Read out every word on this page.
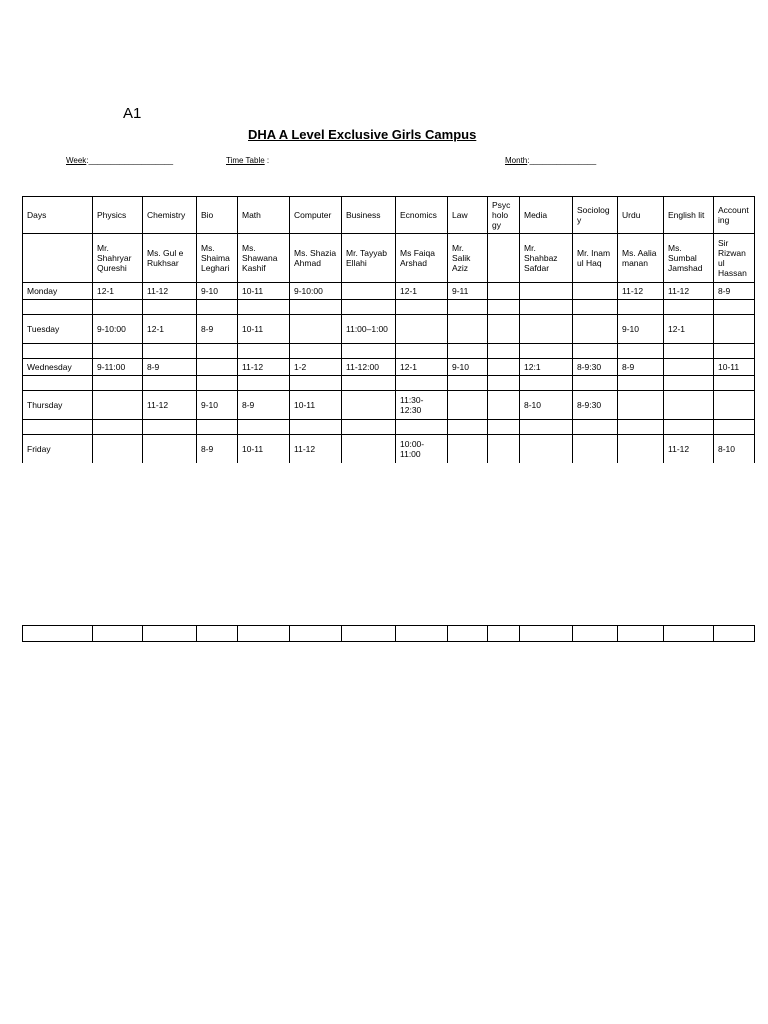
A1
DHA A Level Exclusive Girls Campus
Week:___________________	Time Table :	Month:_______________
Days	Physics	Chemistry	Bio	Math	Computer	Business	Ecnomics	Law	Psycholo gy	Media	Sociolog y	Urdu	English lit	Accounting
	Mr. Shahryar Qureshi	Ms. Gul e Rukhsar	Ms. Shaima Leghari	Ms. Shawana Kashif	Ms. Shazia Ahmad	Mr. Tayyab Ellahi	Ms Faiqa Arshad	Mr. Salik Aziz		Mr. Shahbaz Safdar	Mr. Inam ul Haq	Ms. Aalia manan	Ms. Sumbal Jamshad	Sir Rizwan ul Hassan
Monday	12-1	11-12	9-10	10-11	9-10:00		12-1	9-11				11-12	11-12	8-9

Tuesday	9-10:00	12-1	8-9	10-11		11:00–1:00						9-10	12-1	

Wednesday	9-11:00	8-9		11-12	1-2	11-12:00	12-1	9-10		12:1	8-9:30	8-9		10-11

Thursday		11-12	9-10	8-9	10-11		11:30-12:30			8-10	8-9:30			

Friday			8-9	10-11	11-12		10:00-11:00						11-12	8-10
